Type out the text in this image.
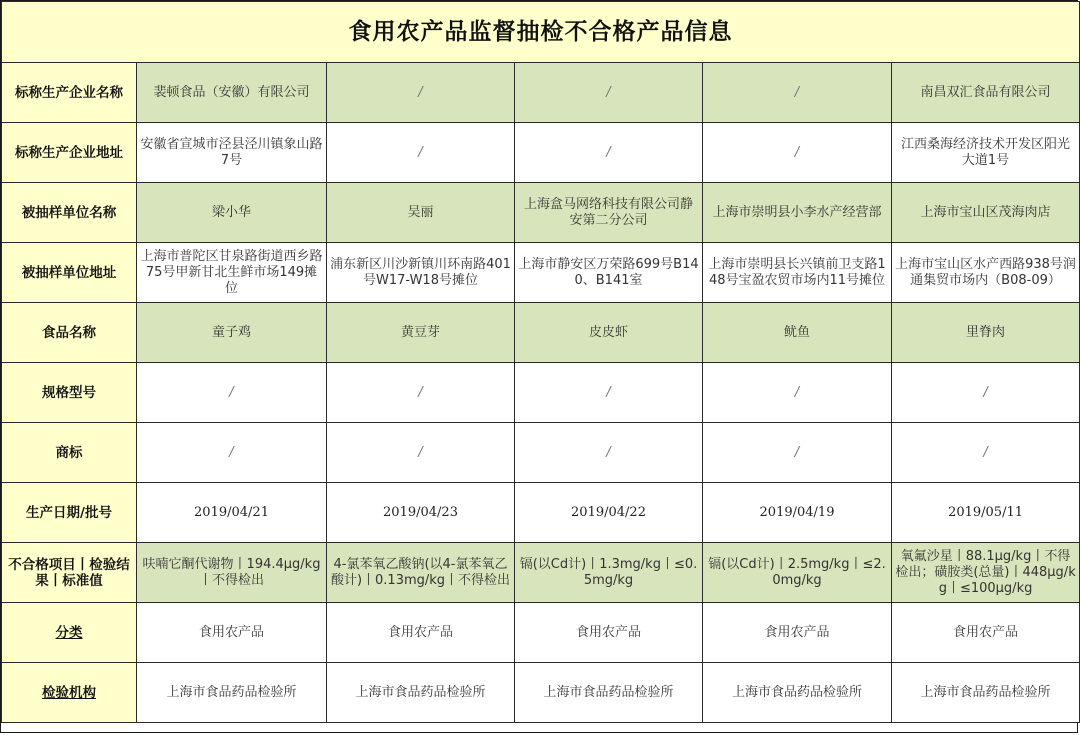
食用农产品监督抽检不合格产品信息					
标称生产企业名称	裴顿食品（安徽）有限公司	/	/	/	南昌双汇食品有限公司
标称生产企业地址	安徽省宣城市泾县泾川镇象山路7号	/	/	/	江西桑海经济技术开发区阳光大道1号
被抽样单位名称	梁小华	吴丽	上海盒马网络科技有限公司静安第二分公司	上海市崇明县小李水产经营部	上海市宝山区茂海肉店
被抽样单位地址	上海市普陀区甘泉路街道西乡路75号甲新甘北生鲜市场149摊位	浦东新区川沙新镇川环南路401号W17-W18号摊位	上海市静安区万荣路699号B140、B141室	上海市崇明县长兴镇前卫支路148号宝盈农贸市场内11号摊位	上海市宝山区水产西路938号润通集贸市场内（B08-09）
食品名称	童子鸡	黄豆芽	皮皮虾	鱿鱼	里脊肉
规格型号	/	/	/	/	/
商标	/	/	/	/	/
生产日期/批号	2019/04/21	2019/04/23	2019/04/22	2019/04/19	2019/05/11
不合格项目丨检验结果丨标准值	呋喃它酮代谢物丨194.4μg/kg丨不得检出	4-氯苯氧乙酸钠(以4-氯苯氧乙酸计)丨0.13mg/kg丨不得检出	镉(以Cd计)丨1.3mg/kg丨≤0.5mg/kg	镉(以Cd计)丨2.5mg/kg丨≤2.0mg/kg	氧氟沙星丨88.1μg/kg丨不得检出；磺胺类(总量)丨448μg/kg丨≤100μg/kg
分类	食用农产品	食用农产品	食用农产品	食用农产品	食用农产品
检验机构	上海市食品药品检验所	上海市食品药品检验所	上海市食品药品检验所	上海市食品药品检验所	上海市食品药品检验所
